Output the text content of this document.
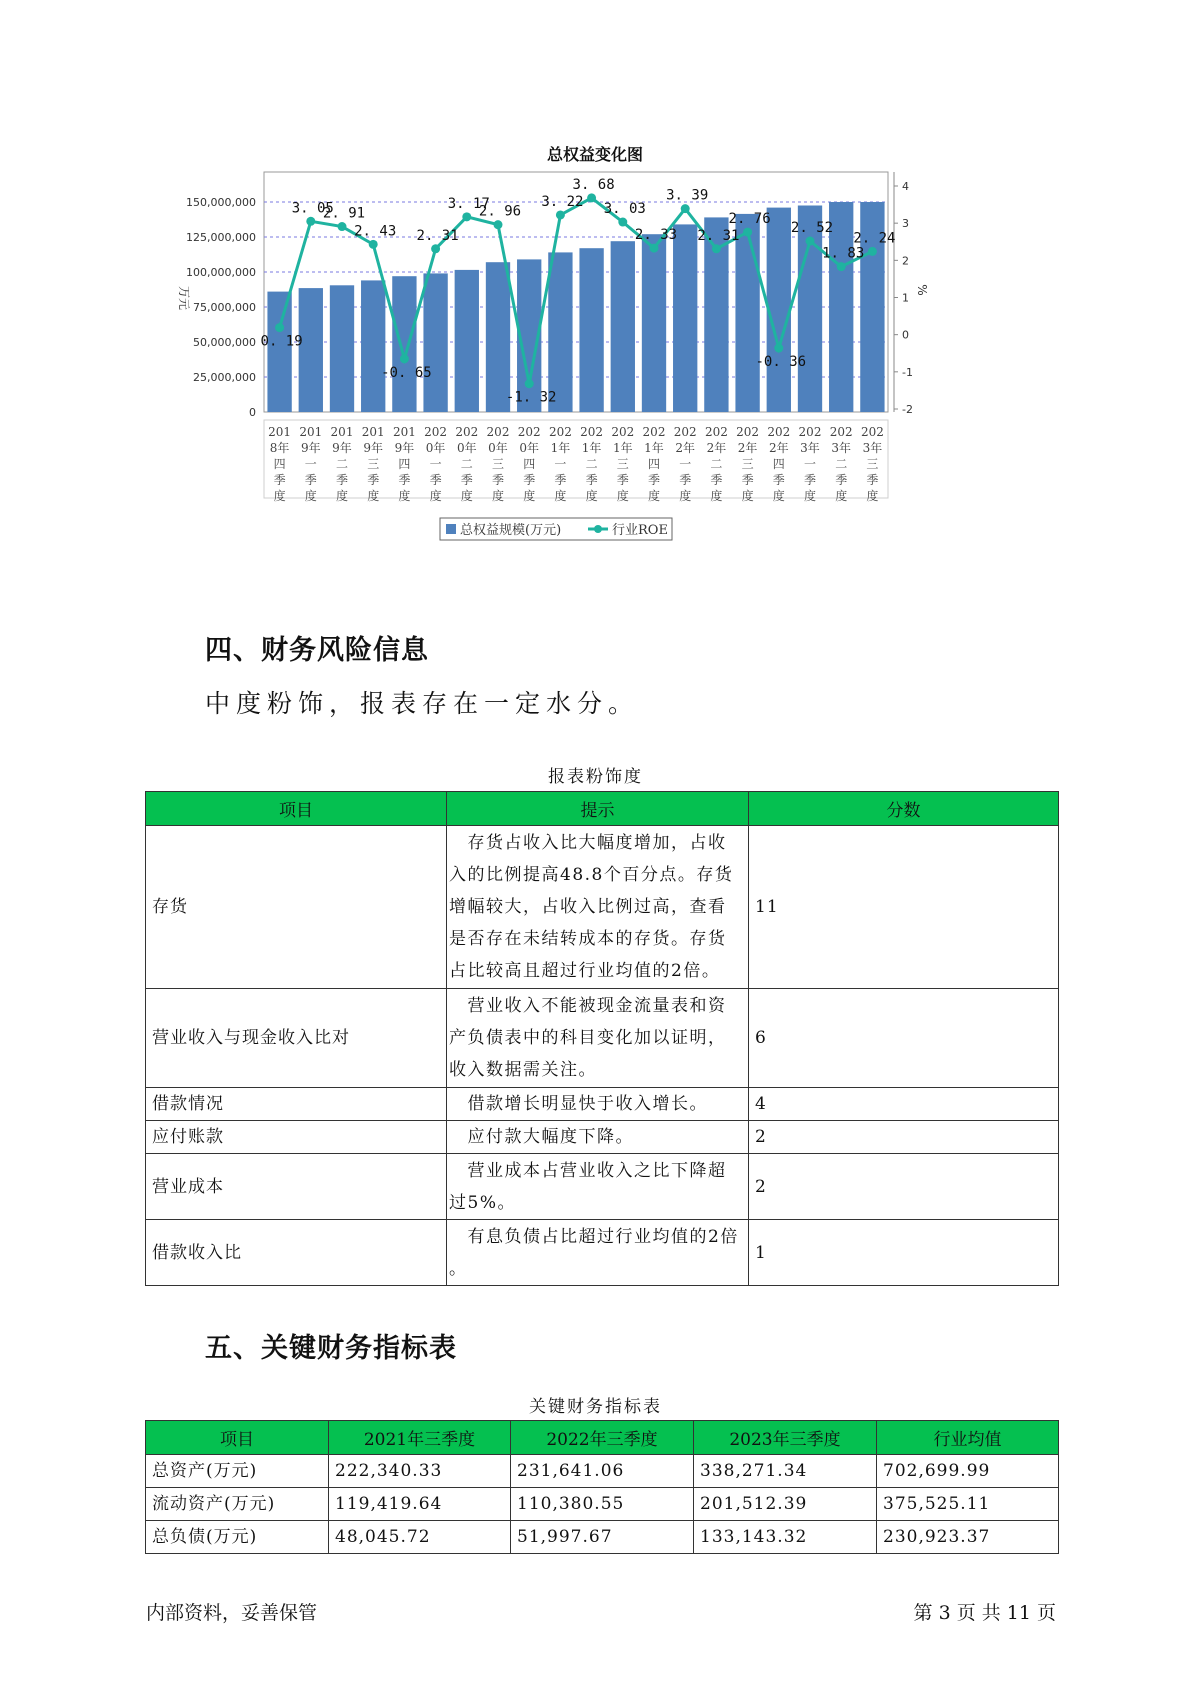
总权益变化图
0
25,000,000
50,000,000
75,000,000
100,000,000
125,000,000
150,000,000
-2
-1
0
1
2
3
4
万元	%
201
8年
四
季
度
201
9年
一
季
度
201
9年
二
季
度
201
9年
三
季
度
201
9年
四
季
度
202
0年
一
季
度
202
0年
二
季
度
202
0年
三
季
度
202
0年
四
季
度
202
1年
一
季
度
202
1年
二
季
度
202
1年
三
季
度
202
1年
四
季
度
202
2年
一
季
度
202
2年
二
季
度
202
2年
三
季
度
202
2年
四
季
度
202
3年
一
季
度
202
3年
二
季
度
202
3年
三
季
度
0. 19
3. 05
2. 91
2. 43
-0. 65
2. 31
3. 17
2. 96
-1. 32
3. 22
3. 68
3. 03
2. 33
3. 39
2. 31
2. 76
-0. 36
2. 52
1. 83
2. 24
总权益规模(万元)	行业ROE
四、财务风险信息
中度粉饰，报表存在一定水分。
报表粉饰度
项目	提示	分数

存货	　存货占收入比大幅度增加，占收
入的比例提高48.8个百分点。存货
增幅较大，占收入比例过高，查看
是否存在未结转成本的存货。存货
占比较高且超过行业均值的2倍。	11

营业收入与现金收入比对	　营业收入不能被现金流量表和资
产负债表中的科目变化加以证明，
收入数据需关注。	6

借款情况	　借款增长明显快于收入增长。	4

应付账款	　应付款大幅度下降。	2

营业成本	　营业成本占营业收入之比下降超
过5%。	2

借款收入比	　有息负债占比超过行业均值的2倍
。	1
五、关键财务指标表
关键财务指标表
项目	2021年三季度	2022年三季度	2023年三季度	行业均值

总资产(万元)	222,340.33	231,641.06	338,271.34	702,699.99

流动资产(万元)	119,419.64	110,380.55	201,512.39	375,525.11

总负债(万元)	48,045.72	51,997.67	133,143.32	230,923.37
内部资料，妥善保管	第 3 页 共 11 页
